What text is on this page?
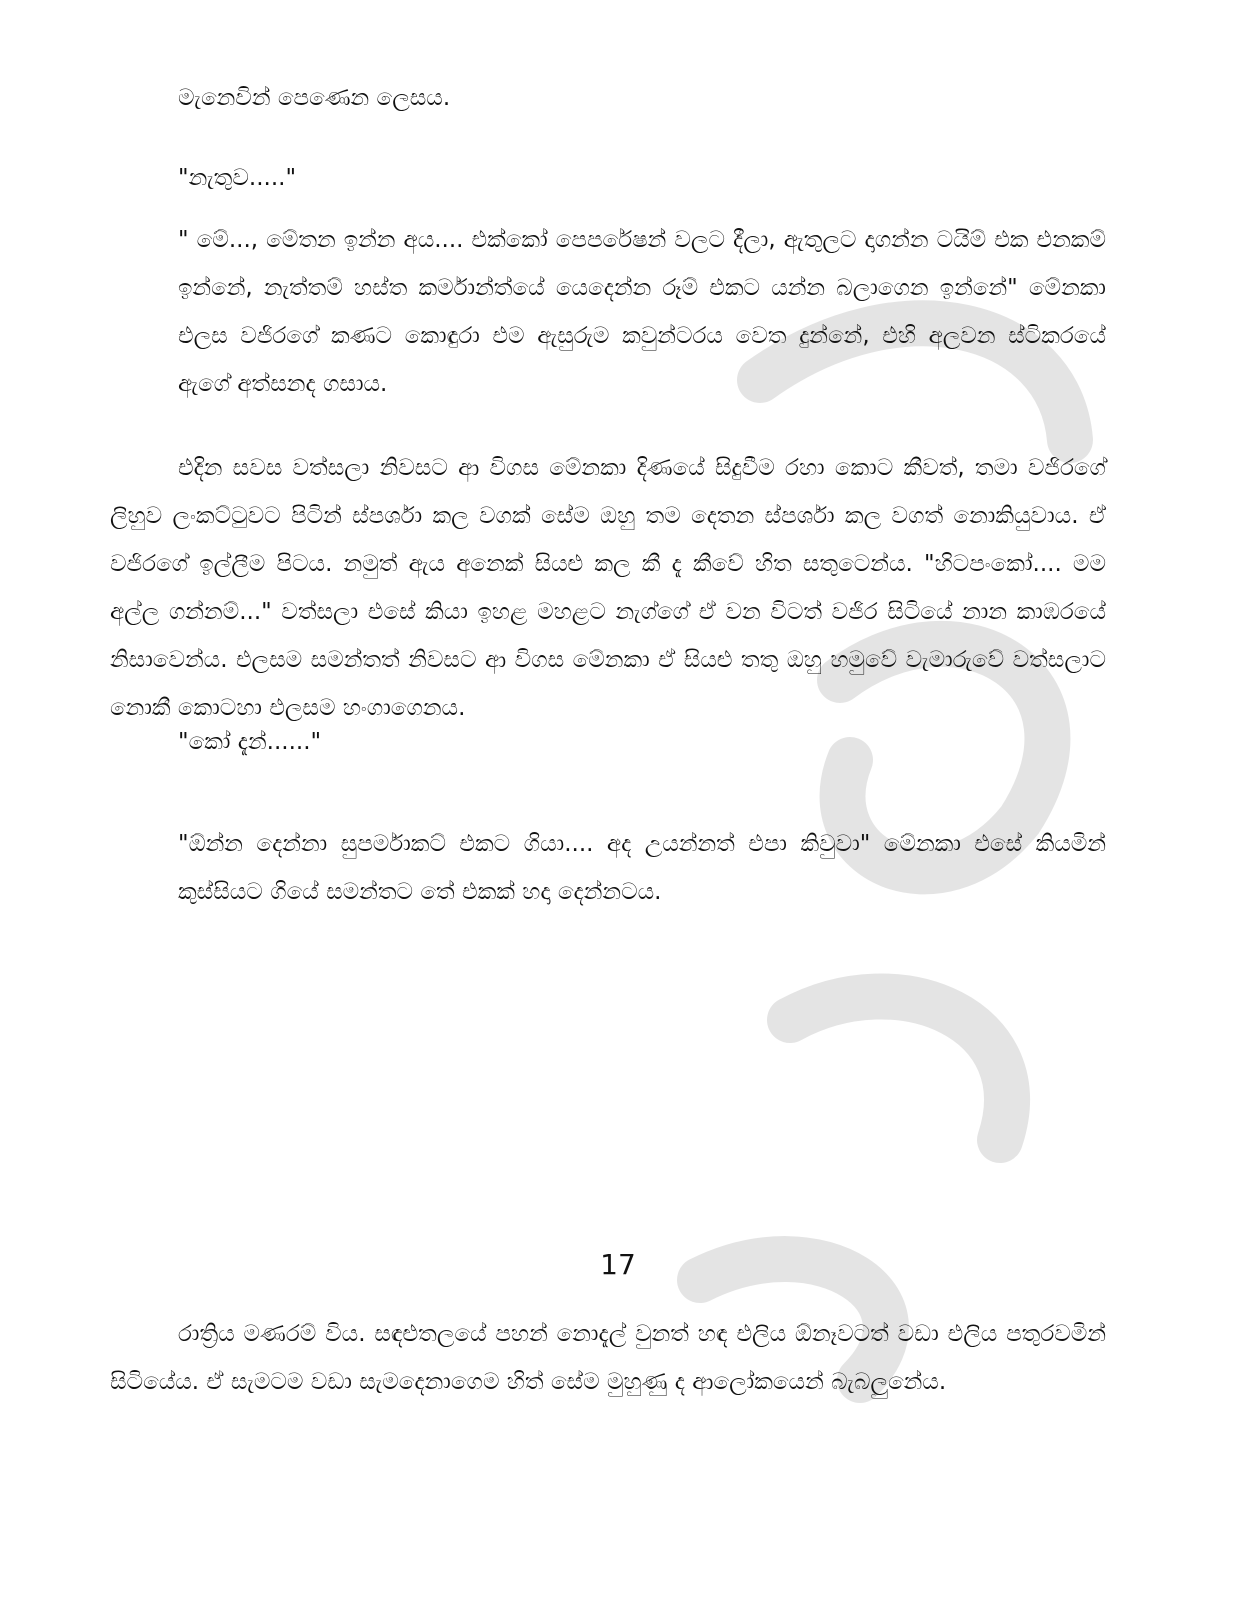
මැනෙවින් පෙණෙන ලෙසය.

"නැතුව....."

" මේ..., මේතන ඉන්න අය.... එක්කෝ පෙපරේෂන් වලට දීලා, ඇතුලට දාගන්න ටයිම් එක එනකම් ඉන්නේ, නැත්තම් හස්ත කර්මාන්ත්යේ යෙදෙන්න රූම් එකට යන්න බලාගෙන ඉන්නේ" මේනකා එලස වජිරගේ කණට කොඳුරා එම ඇසුරුම කවුන්ටරය වෙත දුන්නේ, එහි අලවන ස්ටිකරයේ ඇගේ අත්සනද ගසාය.

එදින සවස වත්සලා නිවසට ආ විගස මේනකා දිණයේ සිදුවීම රහා කොට කීවත්, තමා වජිරගේ ලිහුව ලංකට්ටුවට පිටින් ස්පර්ශා කල වගක් සේම ඔහු තම දෙතන ස්පර්ශා කල වගත් නොකියුවාය. ඒ වජිරගේ ඉල්ලීම පිටය. නමුත් ඇය අනෙක් සියළු කල කී දැ කීවේ හිත සතුටෙන්ය. "හිටපංකෝ.... මම අල්ල ගන්නම්..." වත්සලා එසේ කියා ඉහළ මහළට නැග්ගේ ඒ වන විටත් වජිර සිටියේ නාන කාඹරයේ නිසාවෙන්ය. එලසම සමන්තත් නිවසට ආ විගස මේනකා ඒ සියළු තතු ඔහු හමුවේ වැමාරුවේ වත්සලාට නොකී කොටහා එලසම හංගාගෙනය.

"කෝ දැන්......"

"ඕන්න දෙන්නා සුපර්මාකට් එකට ගියා.... අද උයන්නත් එපා කිවුවා" මේනකා එසේ කියමින් කුස්සියට ගියේ සමන්තට තේ එකක් හදා දෙන්නටය.

17

රාත්‍රිය මණරම් විය. සඳළුතලයේ පහන් නොදැල් වුනත් හඳ එලිය ඕනෑවටත් වඩා එලිය පතුරවමින් සිටියේය. ඒ සැමටම වඩා සැමදෙනාගෙම හිත් සේම මුහුණු ද ආලෝකයෙන් බැබලුනේය.
